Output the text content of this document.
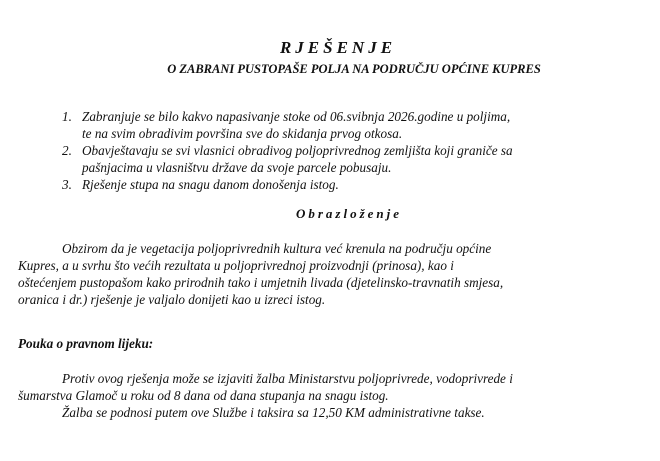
RJEŠENJE
O ZABRANI PUSTOPAŠE POLJA NA PODRUČJU OPĆINE KUPRES
1. Zabranjuje se bilo kakvo napasivanje stoke od 06.svibnja 2026.godine u poljima,
te na svim obradivim površina sve do skidanja prvog otkosa.
2. Obavještavaju se svi vlasnici obradivog poljoprivrednog zemljišta koji graniče sa
pašnjacima u vlasništvu države da svoje parcele pobusaju.
3. Rješenje stupa na snagu danom donošenja istog.
Obrazloženje
Obzirom da je vegetacija poljoprivrednih kultura već krenula na području općine
Kupres, a u svrhu što većih rezultata u poljoprivrednoj proizvodnji (prinosa), kao i
oštećenjem pustopašom kako prirodnih tako i umjetnih livada (djetelinsko-travnatih smjesa,
oranica i dr.) rješenje je valjalo donijeti kao u izreci istog.
Pouka o pravnom lijeku:
Protiv ovog rješenja može se izjaviti žalba Ministarstvu poljoprivrede, vodoprivrede i
šumarstva Glamoč u roku od 8 dana od dana stupanja na snagu istog.
Žalba se podnosi putem ove Službe i taksira sa 12,50 KM administrativne takse.
